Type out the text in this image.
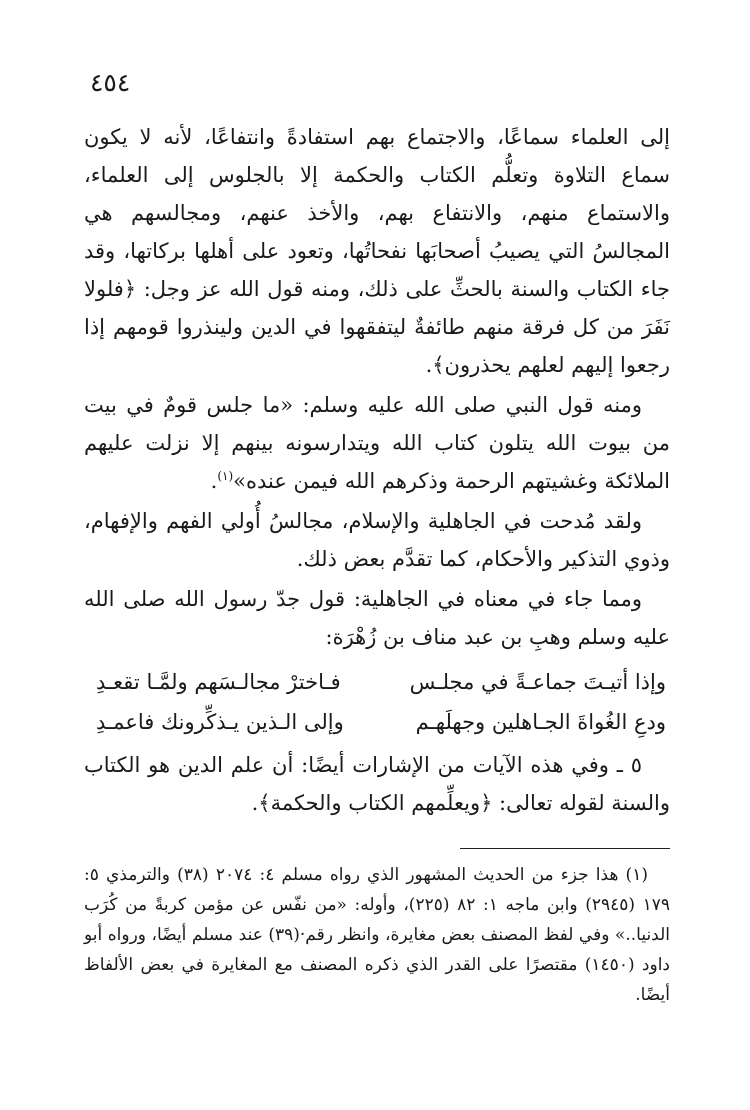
٤٥٤

إلى العلماء سماعًا، والاجتماع بهم استفادةً وانتفاعًا، لأنه لا يكون سماع التلاوة وتعلُّم الكتاب والحكمة إلا بالجلوس إلى العلماء، والاستماع منهم، والانتفاع بهم، والأخذ عنهم، ومجالسهم هي المجالسُ التي يصيبُ أصحابَها نفحاتُها، وتعود على أهلها بركاتها، وقد جاء الكتاب والسنة بالحثِّ على ذلك، ومنه قول الله عز وجل: ﴿فلولا نَفَرَ من كل فرقة منهم طائفةٌ ليتفقهوا في الدين ولينذروا قومهم إذا رجعوا إليهم لعلهم يحذرون﴾.

ومنه قول النبي صلى الله عليه وسلم: «ما جلس قومٌ في بيت من بيوت الله يتلون كتاب الله ويتدارسونه بينهم إلا نزلت عليهم الملائكة وغشيتهم الرحمة وذكرهم الله فيمن عنده»$^{(١)}$.

ولقد مُدحت في الجاهلية والإسلام، مجالسُ أُولي الفهم والإفهام، وذوي التذكير والأحكام، كما تقدَّم بعض ذلك.

ومما جاء في معناه في الجاهلية: قول جدّ رسول الله صلى الله عليه وسلم وهبِ بن عبد مناف بن زُهْرَة:

وإذا أتيـتَ جماعـةً في مجلـس
فـاخترْ مجالـسَهم ولمَّـا تقعـدِ
ودعِ الغُواةَ الجـاهلين وجهلَهـم
وإلى الـذين يـذكِّرونك فاعمـدِ

٥ ـ وفي هذه الآيات من الإشارات أيضًا: أن علم الدين هو الكتاب والسنة لقوله تعالى: ﴿ويعلِّمهم الكتاب والحكمة﴾.

(١) هذا جزء من الحديث المشهور الذي رواه مسلم ٤: ٢٠٧٤ (٣٨) والترمذي ٥: ١٧٩ (٢٩٤٥) وابن ماجه ١: ٨٢ (٢٢٥)، وأوله: «من نفّس عن مؤمن كربةً من كُرَب الدنيا..» وفي لفظ المصنف بعض مغايرة، وانظر رقم·(٣٩) عند مسلم أيضًا، ورواه أبو داود (١٤٥٠) مقتصرًا على القدر الذي ذكره المصنف مع المغايرة في بعض الألفاظ أيضًا.
